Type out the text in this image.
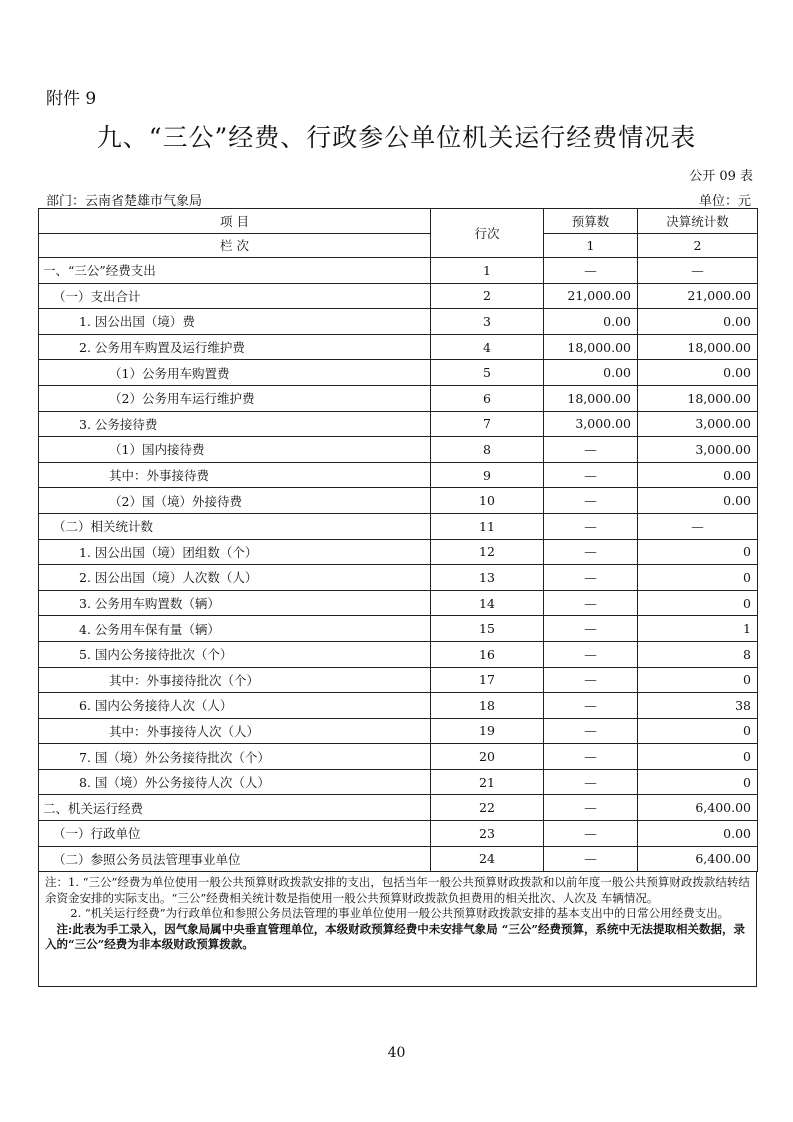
附件 9
九、“三公”经费、行政参公单位机关运行经费情况表
公开 09 表
部门：云南省楚雄市气象局	单位：元
项 目	行次	预算数	决算统计数
栏 次		1	2
一、“三公”经费支出	1	—	—
（一）支出合计	2	21,000.00	21,000.00
1. 因公出国（境）费	3	0.00	0.00
2. 公务用车购置及运行维护费	4	18,000.00	18,000.00
（1）公务用车购置费	5	0.00	0.00
（2）公务用车运行维护费	6	18,000.00	18,000.00
3. 公务接待费	7	3,000.00	3,000.00
（1）国内接待费	8	—	3,000.00
其中：外事接待费	9	—	0.00
（2）国（境）外接待费	10	—	0.00
（二）相关统计数	11	—	—
1. 因公出国（境）团组数（个）	12	—	0
2. 因公出国（境）人次数（人）	13	—	0
3. 公务用车购置数（辆）	14	—	0
4. 公务用车保有量（辆）	15	—	1
5. 国内公务接待批次（个）	16	—	8
其中：外事接待批次（个）	17	—	0
6. 国内公务接待人次（人）	18	—	38
其中：外事接待人次（人）	19	—	0
7. 国（境）外公务接待批次（个）	20	—	0
8. 国（境）外公务接待人次（人）	21	—	0
二、机关运行经费	22	—	6,400.00
（一）行政单位	23	—	0.00
（二）参照公务员法管理事业单位	24	—	6,400.00

注：1. “三公”经费为单位使用一般公共预算财政拨款安排的支出，包括当年一般公共预算财政拨款和以前年度一般公共预算财政拨款结转结余资金安排的实际支出。“三公”经费相关统计数是指使用一般公共预算财政拨款负担费用的相关批次、人次及 车辆情况。

2. “机关运行经费”为行政单位和参照公务员法管理的事业单位使用一般公共预算财政拨款安排的基本支出中的日常公用经费支出。

注:此表为手工录入，因气象局属中央垂直管理单位，本级财政预算经费中未安排气象局 “三公”经费预算，系统中无法提取相关数据，录入的“三公”经费为非本级财政预算拨款。

40
